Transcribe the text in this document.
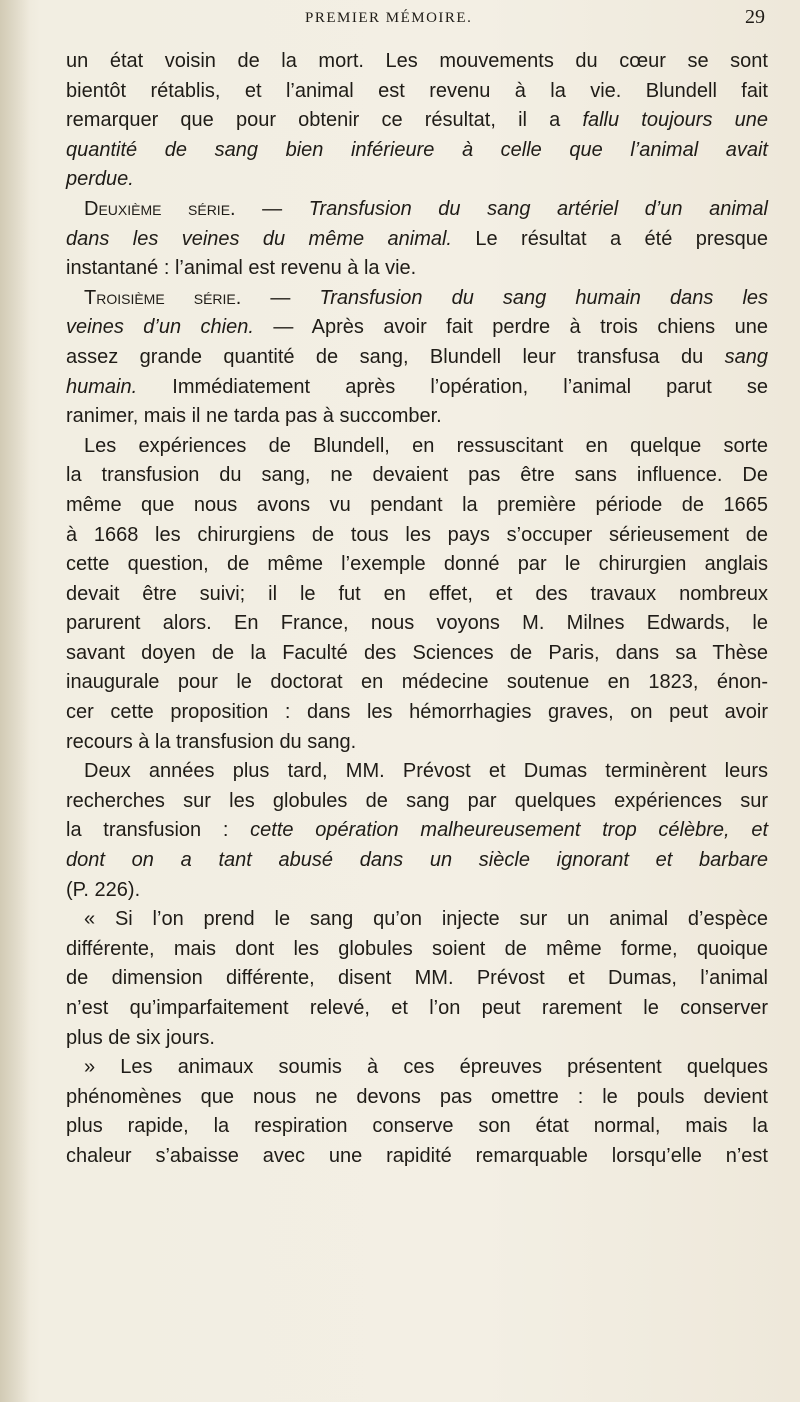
PREMIER MÉMOIRE.	29
un état voisin de la mort. Les mouvements du cœur se sont
bientôt rétablis, et l’animal est revenu à la vie. Blundell fait
remarquer que pour obtenir ce résultat, il a fallu toujours une
quantité de sang bien inférieure à celle que l’animal avait
perdue.
Deuxième série. — Transfusion du sang artériel d’un animal
dans les veines du même animal. Le résultat a été presque
instantané : l’animal est revenu à la vie.
Troisième série. — Transfusion du sang humain dans les
veines d’un chien. — Après avoir fait perdre à trois chiens une
assez grande quantité de sang, Blundell leur transfusa du sang
humain. Immédiatement après l’opération, l’animal parut se
ranimer, mais il ne tarda pas à succomber.
Les expériences de Blundell, en ressuscitant en quelque sorte
la transfusion du sang, ne devaient pas être sans influence. De
même que nous avons vu pendant la première période de 1665
à 1668 les chirurgiens de tous les pays s’occuper sérieusement de
cette question, de même l’exemple donné par le chirurgien anglais
devait être suivi; il le fut en effet, et des travaux nombreux
parurent alors. En France, nous voyons M. Milnes Edwards, le
savant doyen de la Faculté des Sciences de Paris, dans sa Thèse
inaugurale pour le doctorat en médecine soutenue en 1823, énon-
cer cette proposition : dans les hémorrhagies graves, on peut avoir
recours à la transfusion du sang.
Deux années plus tard, MM. Prévost et Dumas terminèrent leurs
recherches sur les globules de sang par quelques expériences sur
la transfusion : cette opération malheureusement trop célèbre, et
dont on a tant abusé dans un siècle ignorant et barbare
(P. 226).
« Si l’on prend le sang qu’on injecte sur un animal d’espèce
différente, mais dont les globules soient de même forme, quoique
de dimension différente, disent MM. Prévost et Dumas, l’animal
n’est qu’imparfaitement relevé, et l’on peut rarement le conserver
plus de six jours.
» Les animaux soumis à ces épreuves présentent quelques
phénomènes que nous ne devons pas omettre : le pouls devient
plus rapide, la respiration conserve son état normal, mais la
chaleur s’abaisse avec une rapidité remarquable lorsqu’elle n’est
